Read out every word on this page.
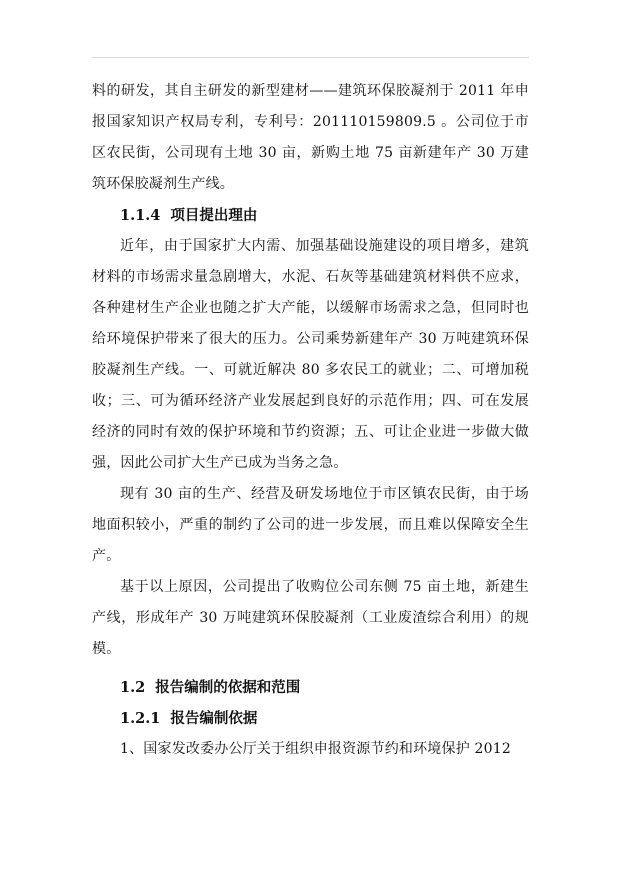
料的研发，其自主研发的新型建材——建筑环保胶凝剂于 2011 年申报国家知识产权局专利，专利号：201110159809.5 。公司位于市区农民街，公司现有土地 30 亩，新购土地 75 亩新建年产 30 万建筑环保胶凝剂生产线。

1.1.4 项目提出理由

近年，由于国家扩大内需、加强基础设施建设的项目增多，建筑材料的市场需求量急剧增大，水泥、石灰等基础建筑材料供不应求，各种建材生产企业也随之扩大产能，以缓解市场需求之急，但同时也给环境保护带来了很大的压力。公司乘势新建年产 30 万吨建筑环保胶凝剂生产线。一、可就近解决 80 多农民工的就业；二、可增加税收；三、可为循环经济产业发展起到良好的示范作用；四、可在发展经济的同时有效的保护环境和节约资源；五、可让企业进一步做大做强，因此公司扩大生产已成为当务之急。

现有 30 亩的生产、经营及研发场地位于市区镇农民街，由于场地面积较小，严重的制约了公司的进一步发展，而且难以保障安全生产。

基于以上原因，公司提出了收购位公司东侧 75 亩土地，新建生产线，形成年产 30 万吨建筑环保胶凝剂（工业废渣综合利用）的规模。

1.2 报告编制的依据和范围
1.2.1 报告编制依据

1、国家发改委办公厅关于组织申报资源节约和环境保护 2012
